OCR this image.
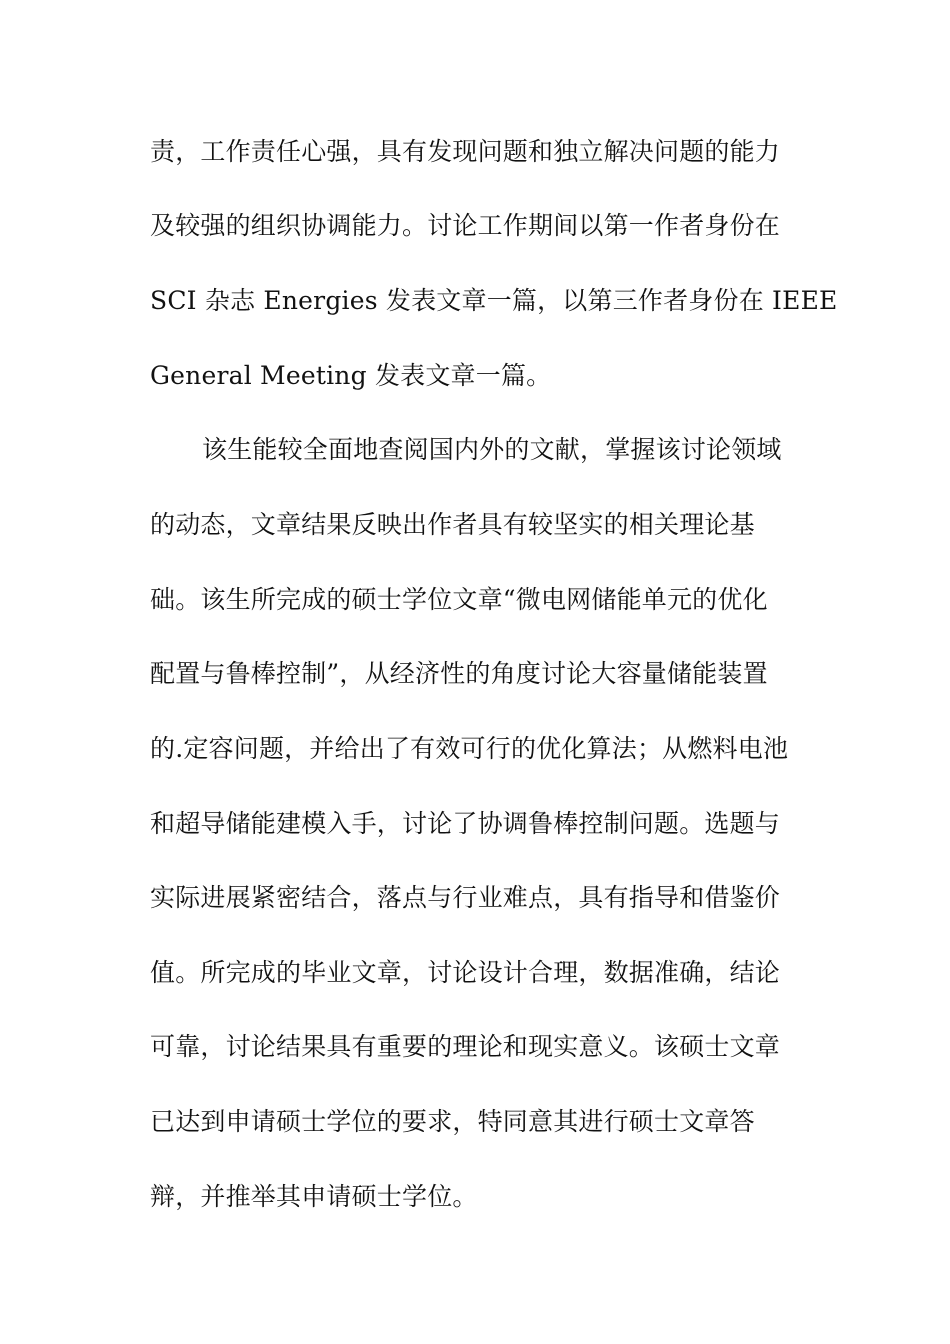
责，工作责任心强，具有发现问题和独立解决问题的能力
及较强的组织协调能力。讨论工作期间以第一作者身份在
SCI 杂志 Energies 发表文章一篇，以第三作者身份在 IEEE
General Meeting 发表文章一篇。
该生能较全面地查阅国内外的文献，掌握该讨论领域
的动态，文章结果反映出作者具有较坚实的相关理论基
础。该生所完成的硕士学位文章“微电网储能单元的优化
配置与鲁棒控制”，从经济性的角度讨论大容量储能装置
的.定容问题，并给出了有效可行的优化算法；从燃料电池
和超导储能建模入手，讨论了协调鲁棒控制问题。选题与
实际进展紧密结合，落点与行业难点，具有指导和借鉴价
值。所完成的毕业文章，讨论设计合理，数据准确，结论
可靠，讨论结果具有重要的理论和现实意义。该硕士文章
已达到申请硕士学位的要求，特同意其进行硕士文章答
辩，并推举其申请硕士学位。
